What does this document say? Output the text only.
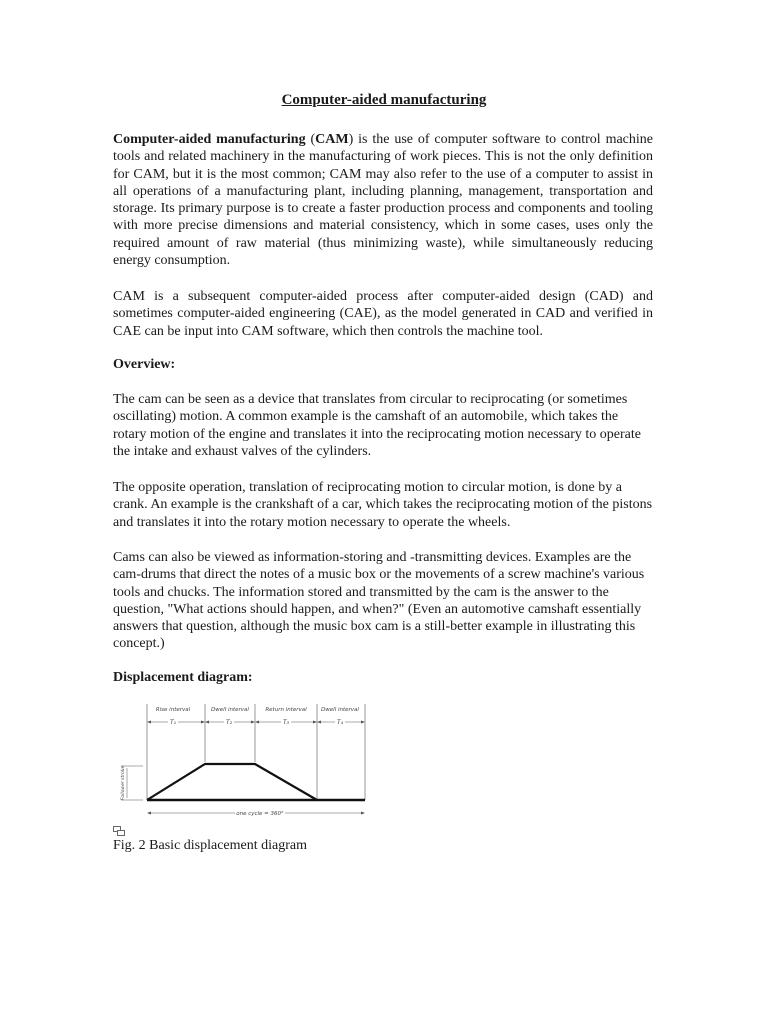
Computer-aided manufacturing
Computer-aided manufacturing (CAM) is the use of computer software to control machine tools and related machinery in the manufacturing of work pieces. This is not the only definition for CAM, but it is the most common; CAM may also refer to the use of a computer to assist in all operations of a manufacturing plant, including planning, management, transportation and storage. Its primary purpose is to create a faster production process and components and tooling with more precise dimensions and material consistency, which in some cases, uses only the required amount of raw material (thus minimizing waste), while simultaneously reducing energy consumption.
CAM is a subsequent computer-aided process after computer-aided design (CAD) and sometimes computer-aided engineering (CAE), as the model generated in CAD and verified in CAE can be input into CAM software, which then controls the machine tool.
Overview:
The cam can be seen as a device that translates from circular to reciprocating (or sometimes oscillating) motion. A common example is the camshaft of an automobile, which takes the rotary motion of the engine and translates it into the reciprocating motion necessary to operate the intake and exhaust valves of the cylinders.
The opposite operation, translation of reciprocating motion to circular motion, is done by a crank. An example is the crankshaft of a car, which takes the reciprocating motion of the pistons and translates it into the rotary motion necessary to operate the wheels.
Cams can also be viewed as information-storing and -transmitting devices. Examples are the cam-drums that direct the notes of a music box or the movements of a screw machine's various tools and chucks. The information stored and transmitted by the cam is the answer to the question, "What actions should happen, and when?" (Even an automotive camshaft essentially answers that question, although the music box cam is a still-better example in illustrating this concept.)
Displacement diagram:
Rise interval	Dwell interval	Return interval	Dwell interval
T₁	T₂	T₃	T₄
Follower stroke
one cycle = 360°
Fig. 2 Basic displacement diagram
